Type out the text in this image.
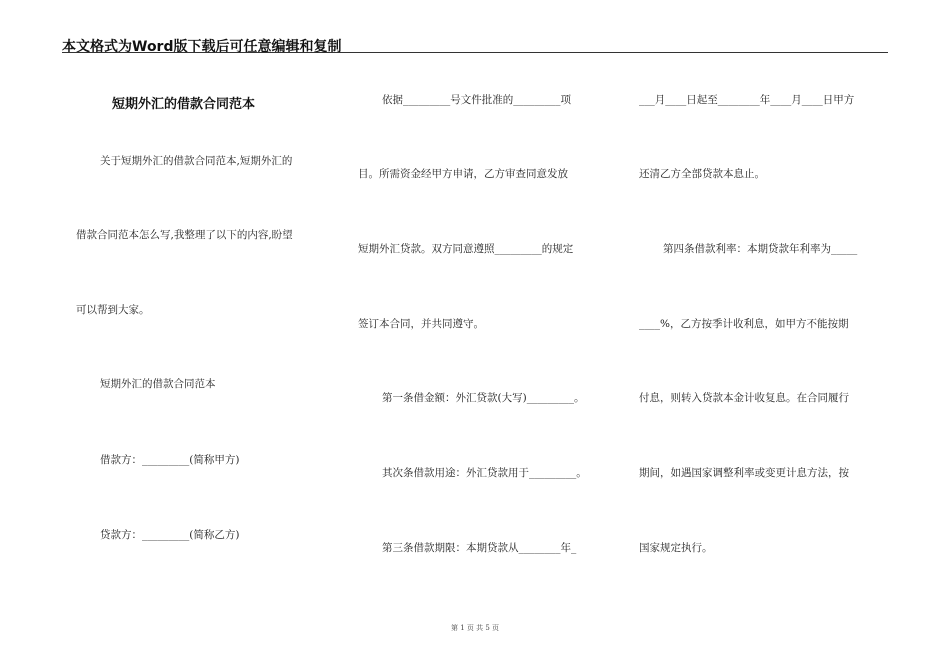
本文格式为Word版下载后可任意编辑和复制
短期外汇的借款合同范本
关于短期外汇的借款合同范本,短期外汇的
借款合同范本怎么写,我整理了以下的内容,盼望
可以帮到大家。
短期外汇的借款合同范本
借款方：_________(简称甲方)
贷款方：_________(简称乙方)
依据_________号文件批准的_________项
目。所需资金经甲方申请，乙方审查同意发放
短期外汇贷款。双方同意遵照_________的规定
签订本合同，并共同遵守。
第一条借金额：外汇贷款(大写)_________。
其次条借款用途：外汇贷款用于_________。
第三条借款期限：本期贷款从________年_
___月____日起至________年____月____日甲方
还清乙方全部贷款本息止。
第四条借款利率：本期贷款年利率为_____
____%，乙方按季计收利息，如甲方不能按期
付息，则转入贷款本金计收复息。在合同履行
期间，如遇国家调整利率或变更计息方法，按
国家规定执行。
第 1 页 共 5 页
